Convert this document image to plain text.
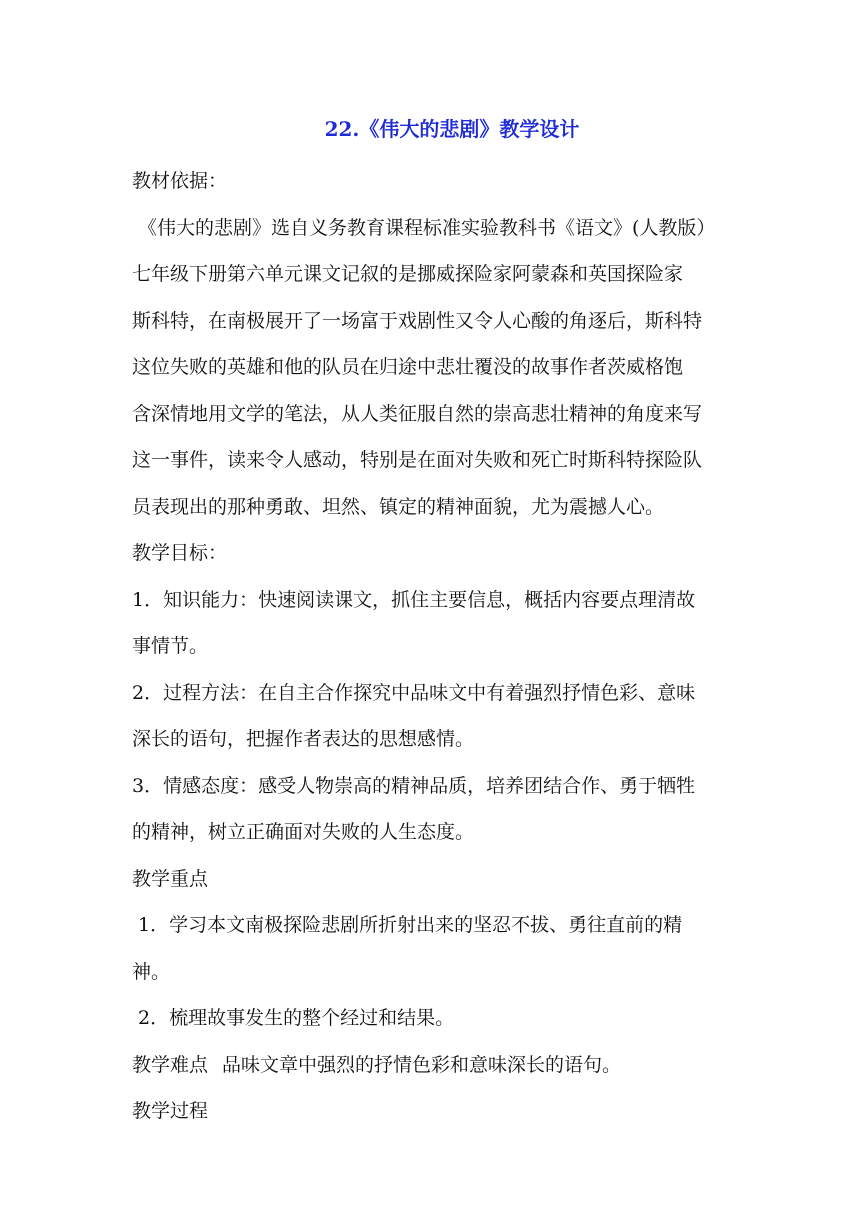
22.《伟大的悲剧》教学设计

教材依据：

《伟大的悲剧》选自义务教育课程标准实验教科书《语文》(人教版）

七年级下册第六单元课文记叙的是挪威探险家阿蒙森和英国探险家

斯科特，在南极展开了一场富于戏剧性又令人心酸的角逐后，斯科特

这位失败的英雄和他的队员在归途中悲壮覆没的故事作者茨威格饱

含深情地用文学的笔法，从人类征服自然的崇高悲壮精神的角度来写

这一事件，读来令人感动，特别是在面对失败和死亡时斯科特探险队

员表现出的那种勇敢、坦然、镇定的精神面貌，尤为震撼人心。

教学目标：

1．知识能力：快速阅读课文，抓住主要信息，概括内容要点理清故

事情节。

2．过程方法：在自主合作探究中品味文中有着强烈抒情色彩、意味

深长的语句，把握作者表达的思想感情。

3．情感态度：感受人物崇高的精神品质，培养团结合作、勇于牺牲

的精神，树立正确面对失败的人生态度。

教学重点

1．学习本文南极探险悲剧所折射出来的坚忍不拔、勇往直前的精

神。

2．梳理故事发生的整个经过和结果。

教学难点 品味文章中强烈的抒情色彩和意味深长的语句。

教学过程
